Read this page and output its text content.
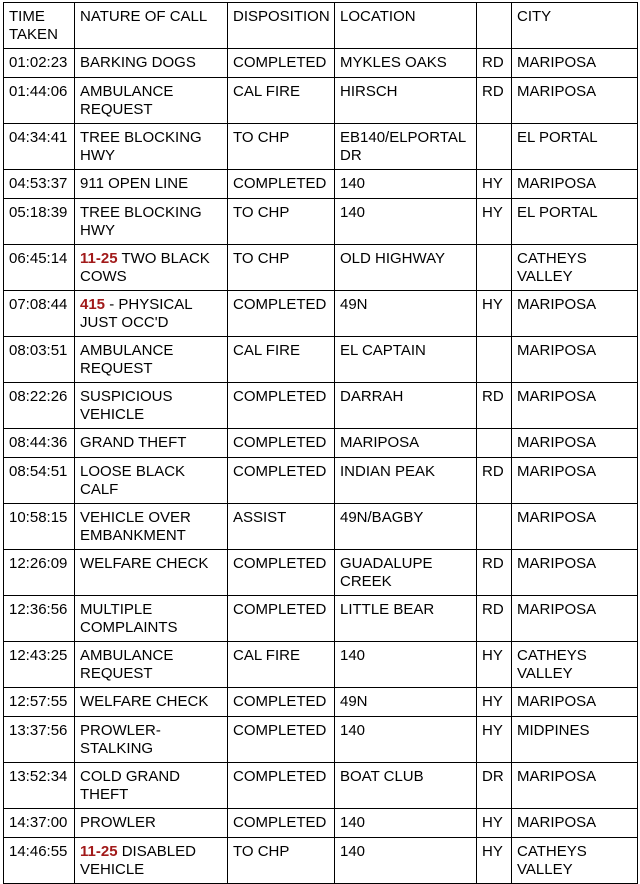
TIME TAKEN	NATURE OF CALL	DISPOSITION	LOCATION		CITY
01:02:23	BARKING DOGS	COMPLETED	MYKLES OAKS	RD	MARIPOSA
01:44:06	AMBULANCE REQUEST	CAL FIRE	HIRSCH	RD	MARIPOSA
04:34:41	TREE BLOCKING HWY	TO CHP	EB140/ELPORTAL DR		EL PORTAL
04:53:37	911 OPEN LINE	COMPLETED	140	HY	MARIPOSA
05:18:39	TREE BLOCKING HWY	TO CHP	140	HY	EL PORTAL
06:45:14	11-25 TWO BLACK COWS	TO CHP	OLD HIGHWAY		CATHEYS VALLEY
07:08:44	415 - PHYSICAL JUST OCC'D	COMPLETED	49N	HY	MARIPOSA
08:03:51	AMBULANCE REQUEST	CAL FIRE	EL CAPTAIN		MARIPOSA
08:22:26	SUSPICIOUS VEHICLE	COMPLETED	DARRAH	RD	MARIPOSA
08:44:36	GRAND THEFT	COMPLETED	MARIPOSA		MARIPOSA
08:54:51	LOOSE BLACK CALF	COMPLETED	INDIAN PEAK	RD	MARIPOSA
10:58:15	VEHICLE OVER EMBANKMENT	ASSIST	49N/BAGBY		MARIPOSA
12:26:09	WELFARE CHECK	COMPLETED	GUADALUPE CREEK	RD	MARIPOSA
12:36:56	MULTIPLE COMPLAINTS	COMPLETED	LITTLE BEAR	RD	MARIPOSA
12:43:25	AMBULANCE REQUEST	CAL FIRE	140	HY	CATHEYS VALLEY
12:57:55	WELFARE CHECK	COMPLETED	49N	HY	MARIPOSA
13:37:56	PROWLER-STALKING	COMPLETED	140	HY	MIDPINES
13:52:34	COLD GRAND THEFT	COMPLETED	BOAT CLUB	DR	MARIPOSA
14:37:00	PROWLER	COMPLETED	140	HY	MARIPOSA
14:46:55	11-25 DISABLED VEHICLE	TO CHP	140	HY	CATHEYS VALLEY
